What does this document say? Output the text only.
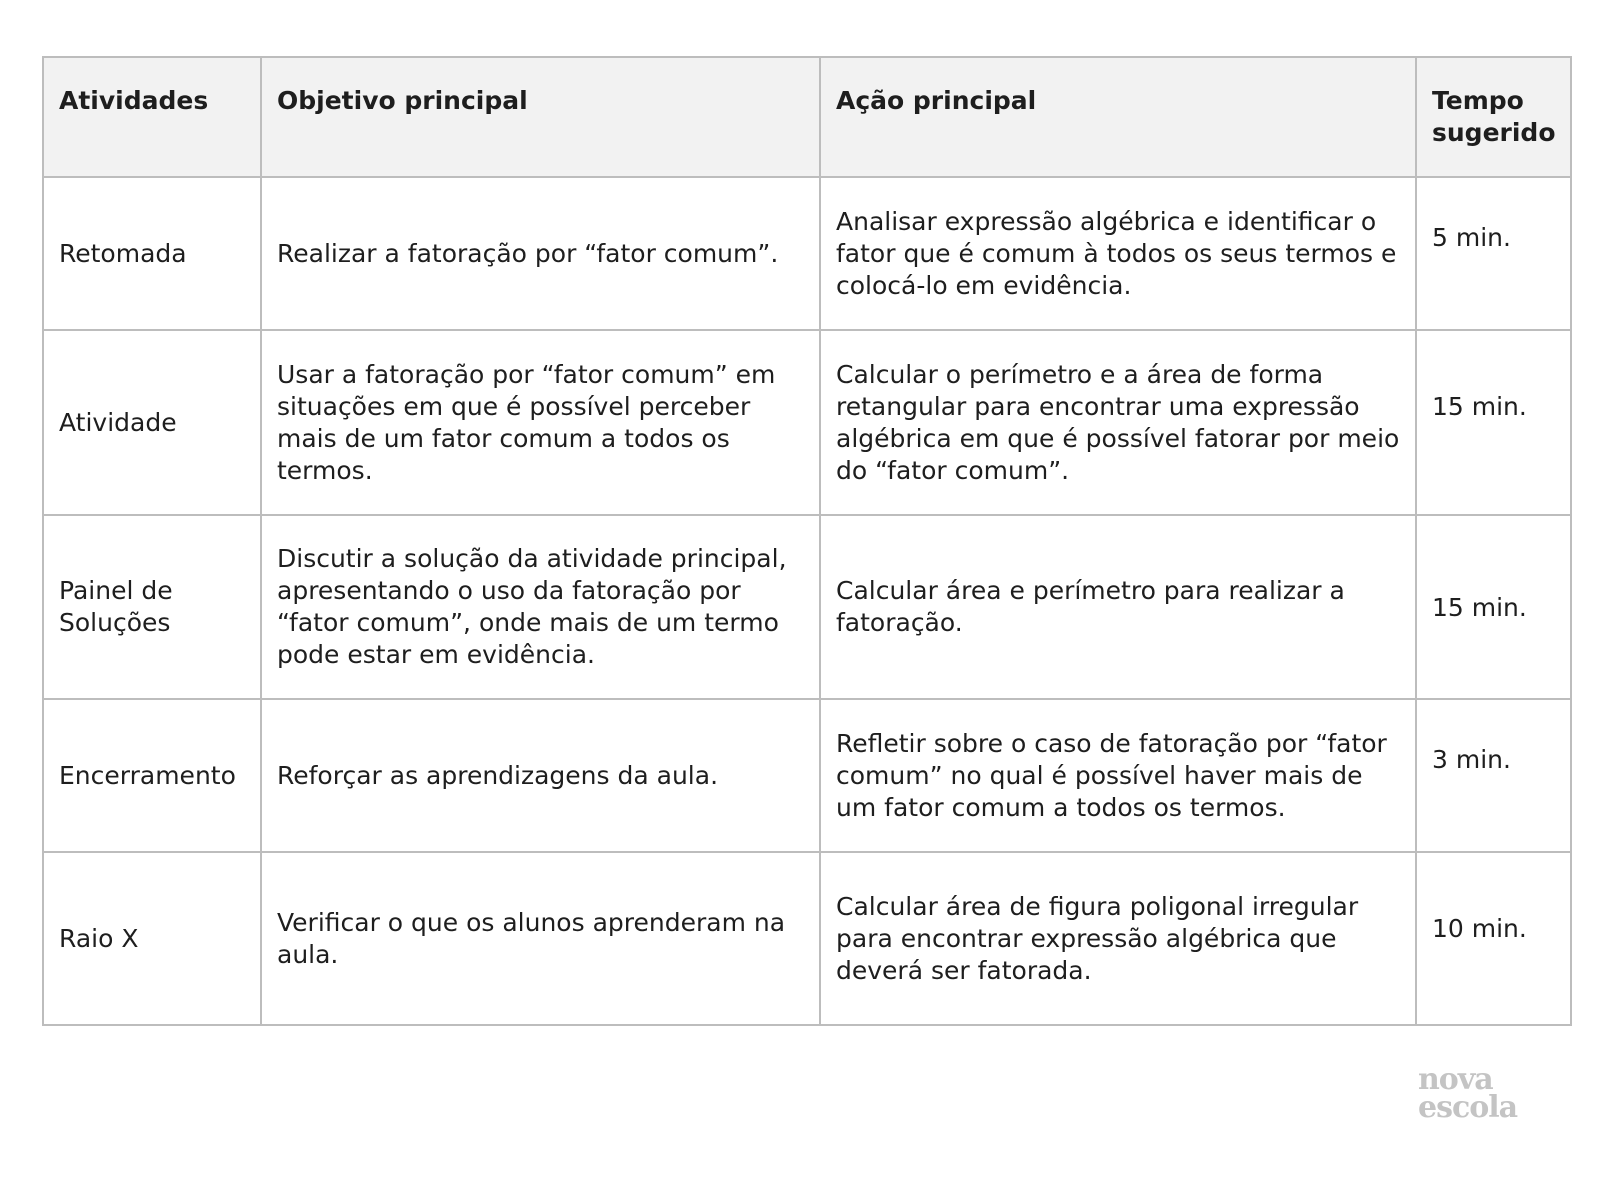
Atividades	Objetivo principal	Ação principal	Tempo sugerido
Retomada	Realizar a fatoração por “fator comum”.	Analisar expressão algébrica e identificar o fator que é comum à todos os seus termos e colocá-lo em evidência.	5 min.
Atividade	Usar a fatoração por “fator comum” em situações em que é possível perceber mais de um fator comum a todos os termos.	Calcular o perímetro e a área de forma retangular para encontrar uma expressão algébrica em que é possível fatorar por meio do “fator comum”.	15 min.
Painel de Soluções	Discutir a solução da atividade principal, apresentando o uso da fatoração por “fator comum”, onde mais de um termo pode estar em evidência.	Calcular área e perímetro para realizar a fatoração.	15 min.
Encerramento	Reforçar as aprendizagens da aula.	Refletir sobre o caso de fatoração por “fator comum” no qual é possível haver mais de um fator comum a todos os termos.	3 min.
Raio X	Verificar o que os alunos aprenderam na aula.	Calcular área de figura poligonal irregular para encontrar expressão algébrica que deverá ser fatorada.	10 min.
nova
escola
